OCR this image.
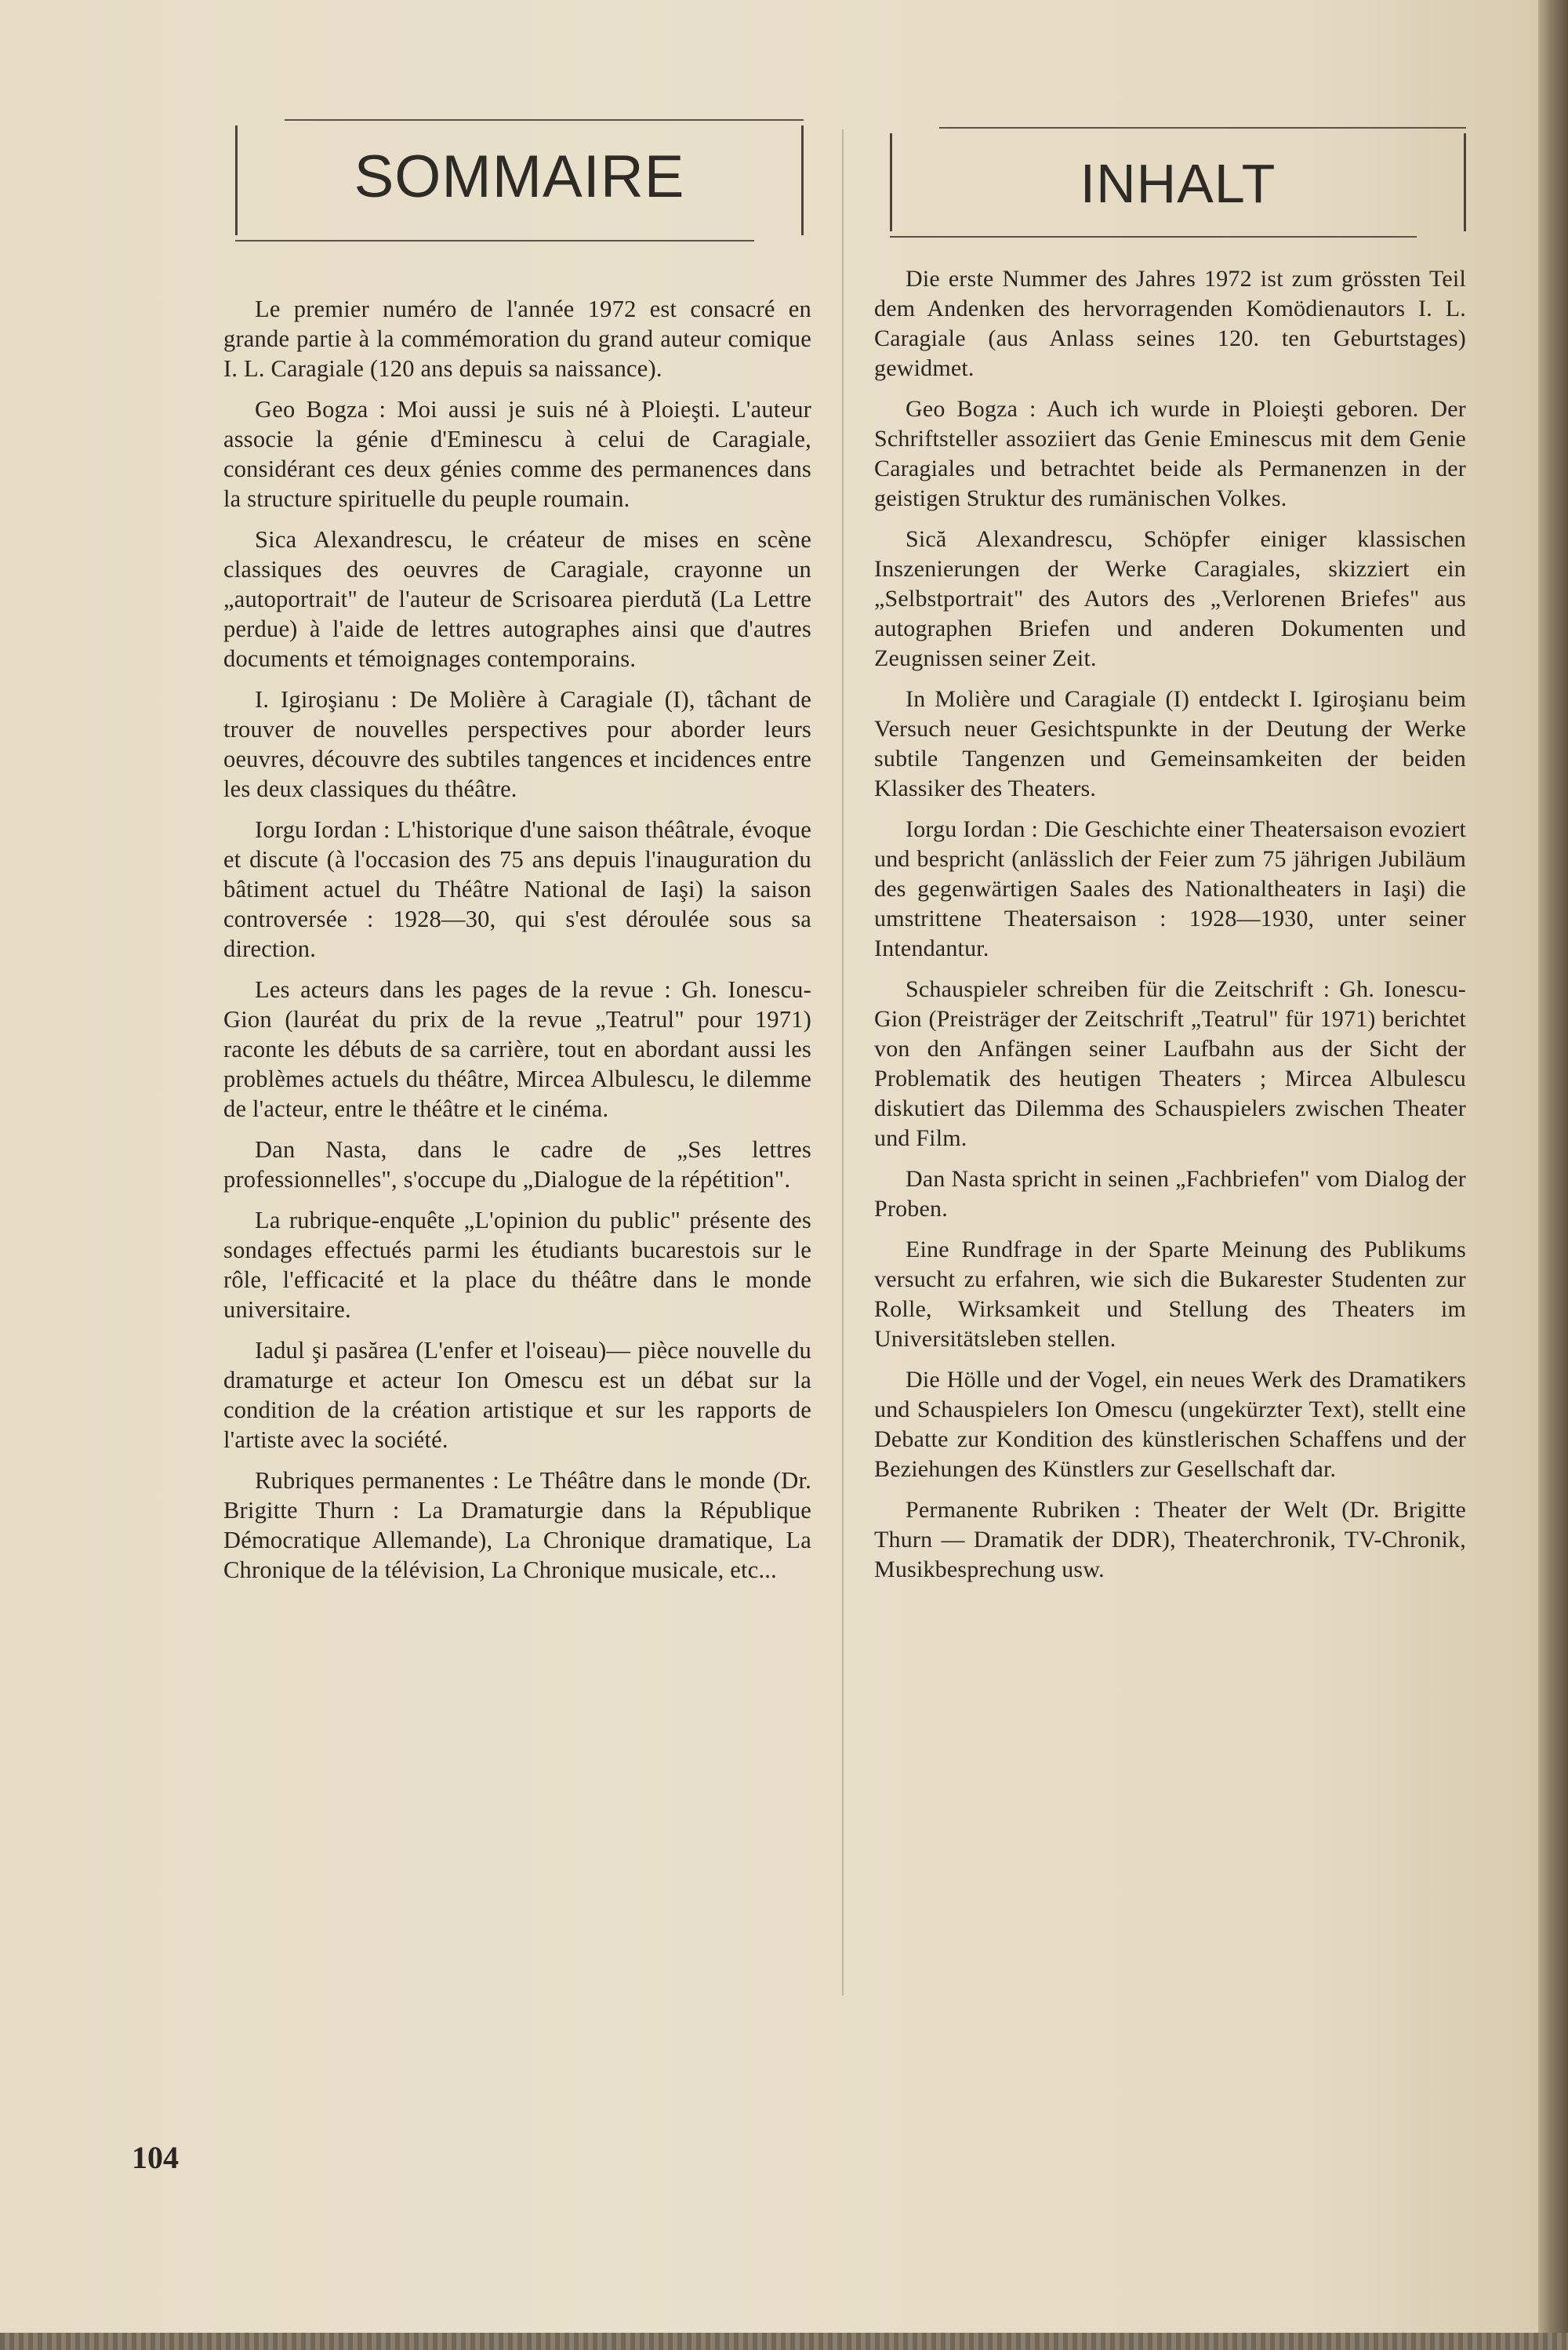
SOMMAIRE

Le premier numéro de l'année 1972 est consacré en grande partie à la commémoration du grand auteur comique I. L. Caragiale (120 ans depuis sa naissance).

Geo Bogza : Moi aussi je suis né à Ploieşti. L'auteur associe la génie d'Eminescu à celui de Caragiale, considérant ces deux génies comme des permanences dans la structure spirituelle du peuple roumain.

Sica Alexandrescu, le créateur de mises en scène classiques des oeuvres de Caragiale, crayonne un „autoportrait" de l'auteur de Scrisoarea pierdută (La Lettre perdue) à l'aide de lettres autographes ainsi que d'autres documents et témoignages contemporains.

I. Igiroşianu : De Molière à Caragiale (I), tâchant de trouver de nouvelles perspectives pour aborder leurs oeuvres, découvre des subtiles tangences et incidences entre les deux classiques du théâtre.

Iorgu Iordan : L'historique d'une saison théâtrale, évoque et discute (à l'occasion des 75 ans depuis l'inauguration du bâtiment actuel du Théâtre National de Iaşi) la saison controversée : 1928—30, qui s'est déroulée sous sa direction.

Les acteurs dans les pages de la revue : Gh. Ionescu-Gion (lauréat du prix de la revue „Teatrul" pour 1971) raconte les débuts de sa carrière, tout en abordant aussi les problèmes actuels du théâtre, Mircea Albulescu, le dilemme de l'acteur, entre le théâtre et le cinéma.

Dan Nasta, dans le cadre de „Ses lettres professionnelles", s'occupe du „Dialogue de la répétition".

La rubrique-enquête „L'opinion du public" présente des sondages effectués parmi les étudiants bucarestois sur le rôle, l'efficacité et la place du théâtre dans le monde universitaire.

Iadul şi pasărea (L'enfer et l'oiseau)— pièce nouvelle du dramaturge et acteur Ion Omescu est un débat sur la condition de la création artistique et sur les rapports de l'artiste avec la société.

Rubriques permanentes : Le Théâtre dans le monde (Dr. Brigitte Thurn : La Dramaturgie dans la République Démocratique Allemande), La Chronique dramatique, La Chronique de la télévision, La Chronique musicale, etc...

INHALT

Die erste Nummer des Jahres 1972 ist zum grössten Teil dem Andenken des hervorragenden Komödienautors I. L. Caragiale (aus Anlass seines 120. ten Geburtstages) gewidmet.

Geo Bogza : Auch ich wurde in Ploieşti geboren. Der Schriftsteller assoziiert das Genie Eminescus mit dem Genie Caragiales und betrachtet beide als Permanenzen in der geistigen Struktur des rumänischen Volkes.

Sică Alexandrescu, Schöpfer einiger klassischen Inszenierungen der Werke Caragiales, skizziert ein „Selbstportrait" des Autors des „Verlorenen Briefes" aus autographen Briefen und anderen Dokumenten und Zeugnissen seiner Zeit.

In Molière und Caragiale (I) entdeckt I. Igiroşianu beim Versuch neuer Gesichtspunkte in der Deutung der Werke subtile Tangenzen und Gemeinsamkeiten der beiden Klassiker des Theaters.

Iorgu Iordan : Die Geschichte einer Theatersaison evoziert und bespricht (anlässlich der Feier zum 75 jährigen Jubiläum des gegenwärtigen Saales des Nationaltheaters in Iaşi) die umstrittene Theatersaison : 1928—1930, unter seiner Intendantur.

Schauspieler schreiben für die Zeitschrift : Gh. Ionescu-Gion (Preisträger der Zeitschrift „Teatrul" für 1971) berichtet von den Anfängen seiner Laufbahn aus der Sicht der Problematik des heutigen Theaters ; Mircea Albulescu diskutiert das Dilemma des Schauspielers zwischen Theater und Film.

Dan Nasta spricht in seinen „Fachbriefen" vom Dialog der Proben.

Eine Rundfrage in der Sparte Meinung des Publikums versucht zu erfahren, wie sich die Bukarester Studenten zur Rolle, Wirksamkeit und Stellung des Theaters im Universitätsleben stellen.

Die Hölle und der Vogel, ein neues Werk des Dramatikers und Schauspielers Ion Omescu (ungekürzter Text), stellt eine Debatte zur Kondition des künstlerischen Schaffens und der Beziehungen des Künstlers zur Gesellschaft dar.

Permanente Rubriken : Theater der Welt (Dr. Brigitte Thurn — Dramatik der DDR), Theaterchronik, TV-Chronik, Musikbesprechung usw.

104
